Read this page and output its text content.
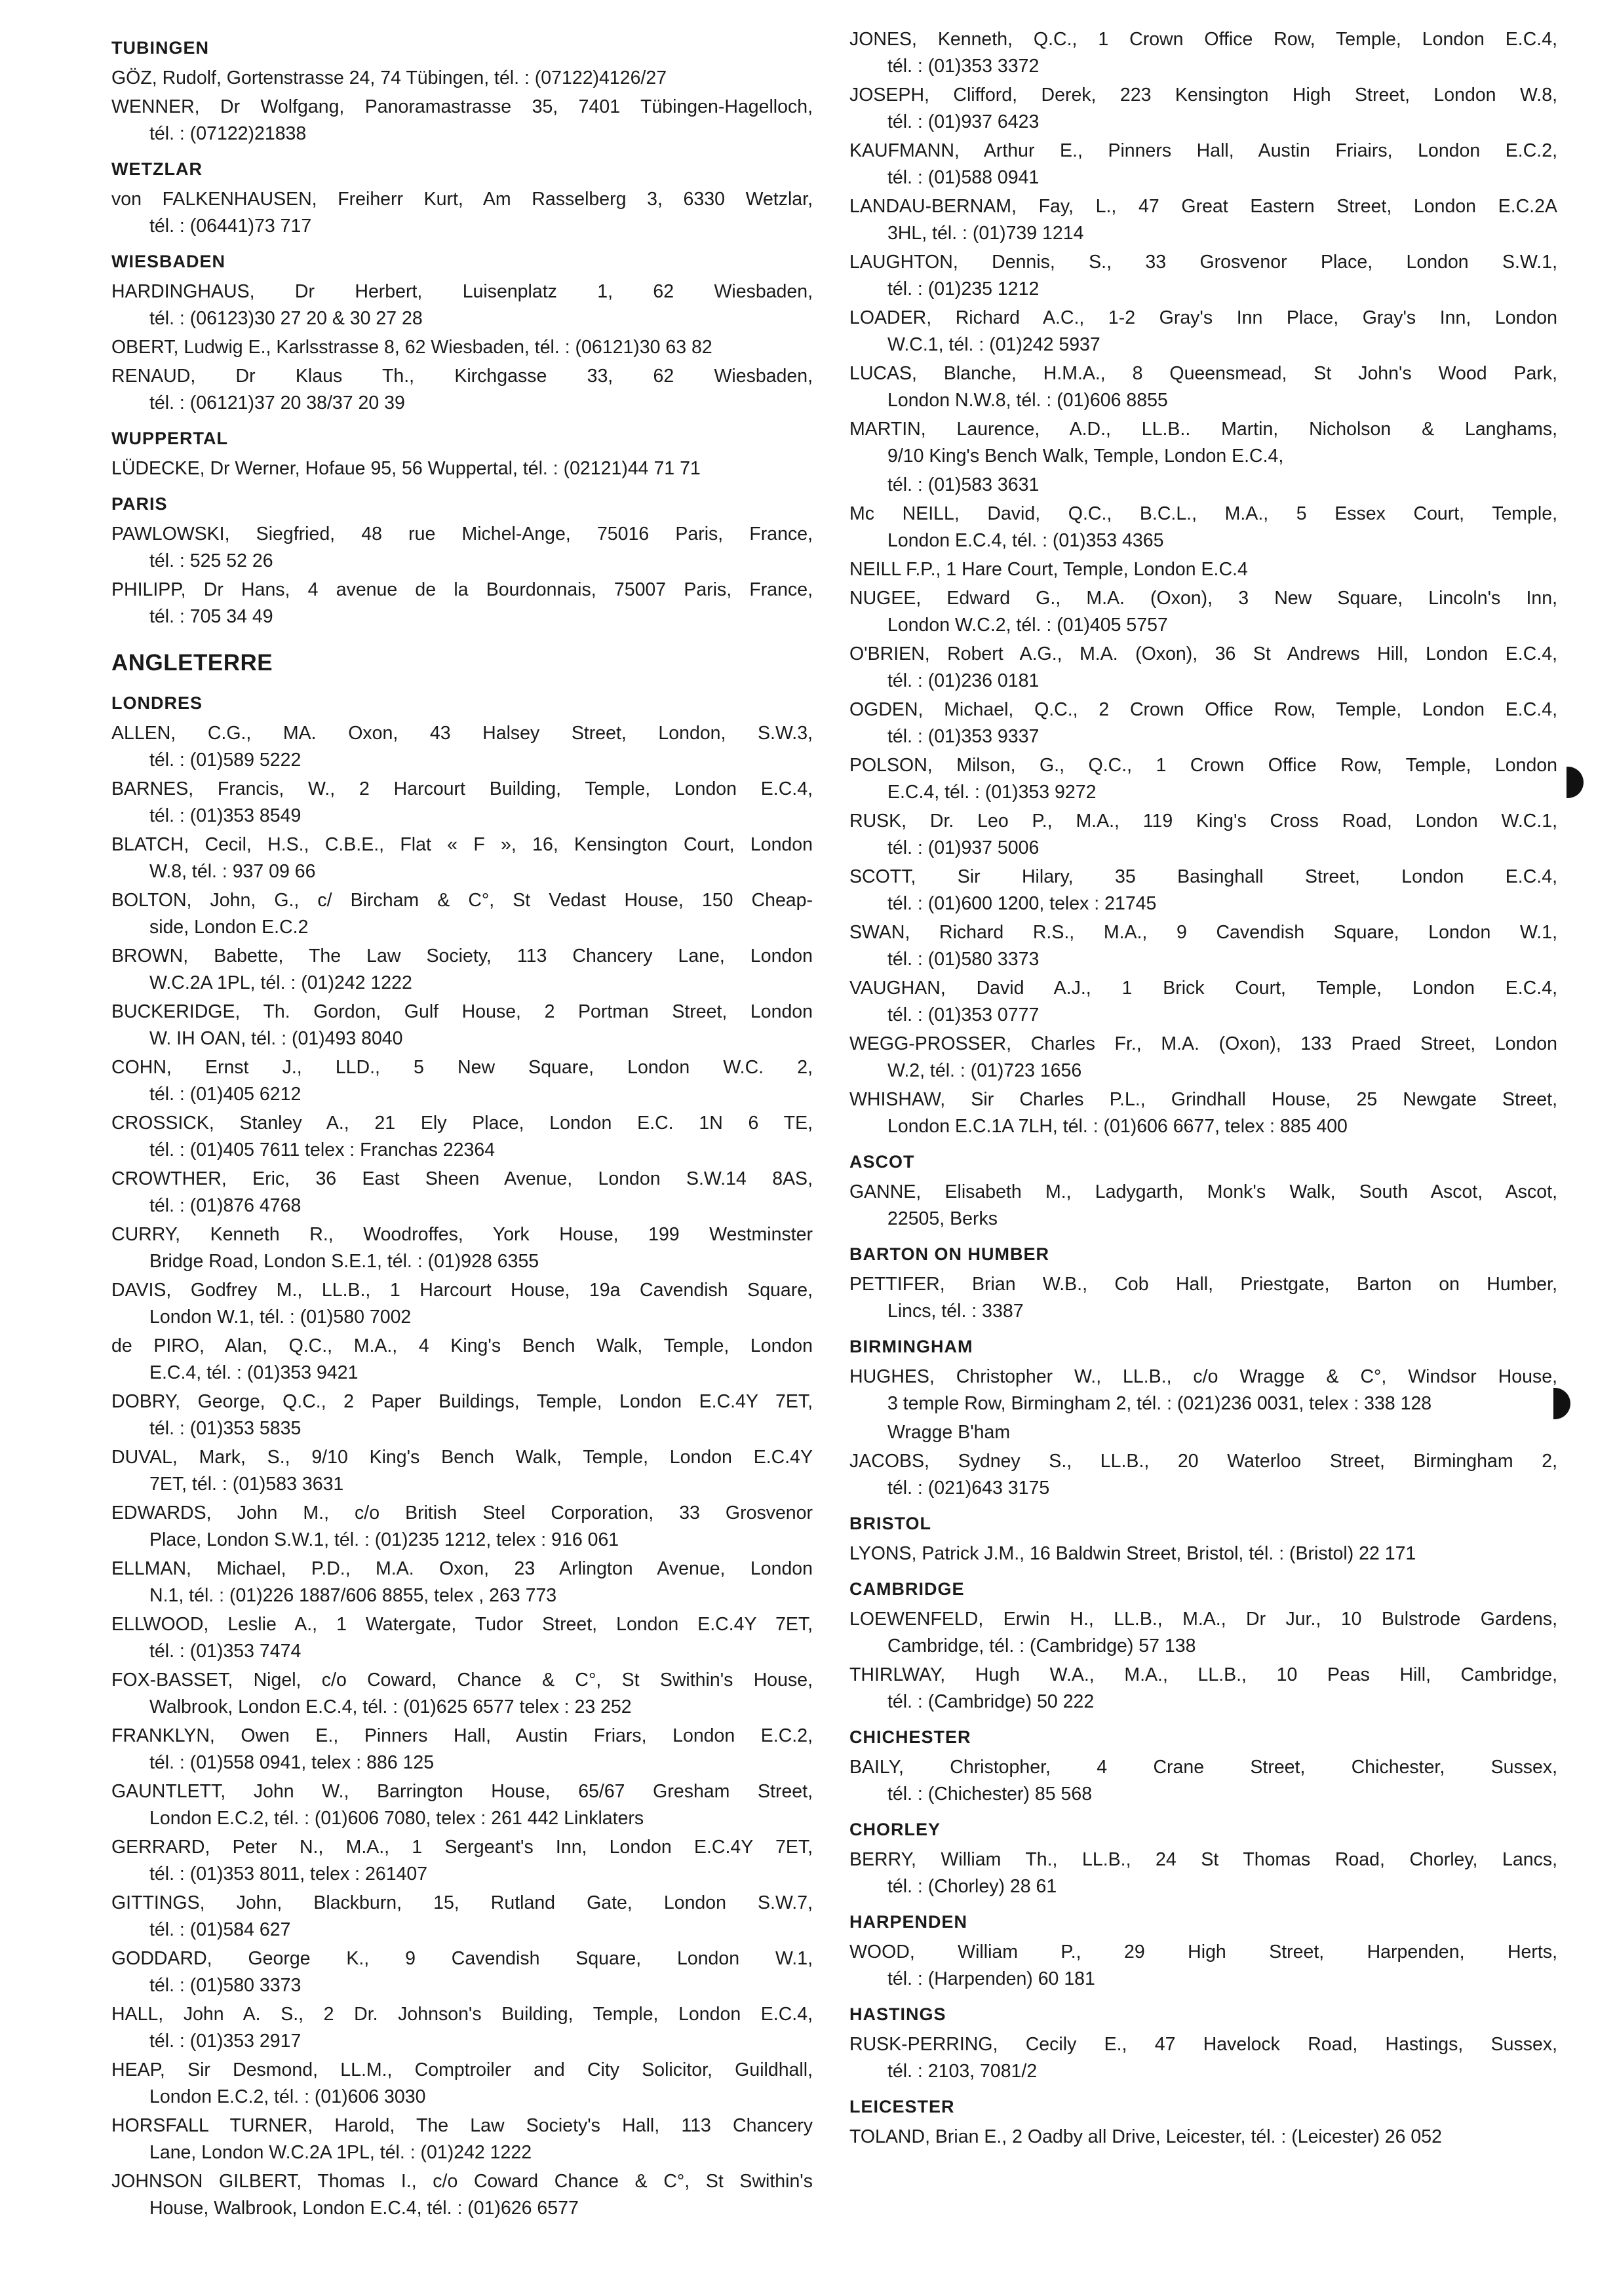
TUBINGEN
GÖZ, Rudolf, Gortenstrasse 24, 74 Tübingen, tél. : (07122)4126/27
WENNER, Dr Wolfgang, Panoramastrasse 35, 7401 Tübingen-Hagelloch,
tél. : (07122)21838
WETZLAR
von FALKENHAUSEN, Freiherr Kurt, Am Rasselberg 3, 6330 Wetzlar,
tél. : (06441)73 717
WIESBADEN
HARDINGHAUS, Dr Herbert, Luisenplatz 1, 62 Wiesbaden,
tél. : (06123)30 27 20 & 30 27 28
OBERT, Ludwig E., Karlsstrasse 8, 62 Wiesbaden, tél. : (06121)30 63 82
RENAUD, Dr Klaus Th., Kirchgasse 33, 62 Wiesbaden,
tél. : (06121)37 20 38/37 20 39
WUPPERTAL
LÜDECKE, Dr Werner, Hofaue 95, 56 Wuppertal, tél. : (02121)44 71 71
PARIS
PAWLOWSKI, Siegfried, 48 rue Michel-Ange, 75016 Paris, France,
tél. : 525 52 26
PHILIPP, Dr Hans, 4 avenue de la Bourdonnais, 75007 Paris, France,
tél. : 705 34 49
ANGLETERRE
LONDRES
ALLEN, C.G., MA. Oxon, 43 Halsey Street, London, S.W.3,
tél. : (01)589 5222
BARNES, Francis, W., 2 Harcourt Building, Temple, London E.C.4,
tél. : (01)353 8549
BLATCH, Cecil, H.S., C.B.E., Flat « F », 16, Kensington Court, London
W.8, tél. : 937 09 66
BOLTON, John, G., c/ Bircham & C°, St Vedast House, 150 Cheap-
side, London E.C.2
BROWN, Babette, The Law Society, 113 Chancery Lane, London
W.C.2A 1PL, tél. : (01)242 1222
BUCKERIDGE, Th. Gordon, Gulf House, 2 Portman Street, London
W. IH OAN, tél. : (01)493 8040
COHN, Ernst J., LLD., 5 New Square, London W.C. 2,
tél. : (01)405 6212
CROSSICK, Stanley A., 21 Ely Place, London E.C. 1N 6 TE,
tél. : (01)405 7611 telex : Franchas 22364
CROWTHER, Eric, 36 East Sheen Avenue, London S.W.14 8AS,
tél. : (01)876 4768
CURRY, Kenneth R., Woodroffes, York House, 199 Westminster
Bridge Road, London S.E.1, tél. : (01)928 6355
DAVIS, Godfrey M., LL.B., 1 Harcourt House, 19a Cavendish Square,
London W.1, tél. : (01)580 7002
de PIRO, Alan, Q.C., M.A., 4 King's Bench Walk, Temple, London
E.C.4, tél. : (01)353 9421
DOBRY, George, Q.C., 2 Paper Buildings, Temple, London E.C.4Y 7ET,
tél. : (01)353 5835
DUVAL, Mark, S., 9/10 King's Bench Walk, Temple, London E.C.4Y
7ET, tél. : (01)583 3631
EDWARDS, John M., c/o British Steel Corporation, 33 Grosvenor
Place, London S.W.1, tél. : (01)235 1212, telex : 916 061
ELLMAN, Michael, P.D., M.A. Oxon, 23 Arlington Avenue, London
N.1, tél. : (01)226 1887/606 8855, telex , 263 773
ELLWOOD, Leslie A., 1 Watergate, Tudor Street, London E.C.4Y 7ET,
tél. : (01)353 7474
FOX-BASSET, Nigel, c/o Coward, Chance & C°, St Swithin's House,
Walbrook, London E.C.4, tél. : (01)625 6577 telex : 23 252
FRANKLYN, Owen E., Pinners Hall, Austin Friars, London E.C.2,
tél. : (01)558 0941, telex : 886 125
GAUNTLETT, John W., Barrington House, 65/67 Gresham Street,
London E.C.2, tél. : (01)606 7080, telex : 261 442 Linklaters
GERRARD, Peter N., M.A., 1 Sergeant's Inn, London E.C.4Y 7ET,
tél. : (01)353 8011, telex : 261407
GITTINGS, John, Blackburn, 15, Rutland Gate, London S.W.7,
tél. : (01)584 627
GODDARD, George K., 9 Cavendish Square, London W.1,
tél. : (01)580 3373
HALL, John A. S., 2 Dr. Johnson's Building, Temple, London E.C.4,
tél. : (01)353 2917
HEAP, Sir Desmond, LL.M., Comptroiler and City Solicitor, Guildhall,
London E.C.2, tél. : (01)606 3030
HORSFALL TURNER, Harold, The Law Society's Hall, 113 Chancery
Lane, London W.C.2A 1PL, tél. : (01)242 1222
JOHNSON GILBERT, Thomas I., c/o Coward Chance & C°, St Swithin's
House, Walbrook, London E.C.4, tél. : (01)626 6577
JONES, Kenneth, Q.C., 1 Crown Office Row, Temple, London E.C.4,
tél. : (01)353 3372
JOSEPH, Clifford, Derek, 223 Kensington High Street, London W.8,
tél. : (01)937 6423
KAUFMANN, Arthur E., Pinners Hall, Austin Friairs, London E.C.2,
tél. : (01)588 0941
LANDAU-BERNAM, Fay, L., 47 Great Eastern Street, London E.C.2A
3HL, tél. : (01)739 1214
LAUGHTON, Dennis, S., 33 Grosvenor Place, London S.W.1,
tél. : (01)235 1212
LOADER, Richard A.C., 1-2 Gray's Inn Place, Gray's Inn, London
W.C.1, tél. : (01)242 5937
LUCAS, Blanche, H.M.A., 8 Queensmead, St John's Wood Park,
London N.W.8, tél. : (01)606 8855
MARTIN, Laurence, A.D., LL.B.. Martin, Nicholson & Langhams,
9/10 King's Bench Walk, Temple, London E.C.4,
tél. : (01)583 3631
Mc NEILL, David, Q.C., B.C.L., M.A., 5 Essex Court, Temple,
London E.C.4, tél. : (01)353 4365
NEILL F.P., 1 Hare Court, Temple, London E.C.4
NUGEE, Edward G., M.A. (Oxon), 3 New Square, Lincoln's Inn,
London W.C.2, tél. : (01)405 5757
O'BRIEN, Robert A.G., M.A. (Oxon), 36 St Andrews Hill, London E.C.4,
tél. : (01)236 0181
OGDEN, Michael, Q.C., 2 Crown Office Row, Temple, London E.C.4,
tél. : (01)353 9337
POLSON, Milson, G., Q.C., 1 Crown Office Row, Temple, London
E.C.4, tél. : (01)353 9272
RUSK, Dr. Leo P., M.A., 119 King's Cross Road, London W.C.1,
tél. : (01)937 5006
SCOTT, Sir Hilary, 35 Basinghall Street, London E.C.4,
tél. : (01)600 1200, telex : 21745
SWAN, Richard R.S., M.A., 9 Cavendish Square, London W.1,
tél. : (01)580 3373
VAUGHAN, David A.J., 1 Brick Court, Temple, London E.C.4,
tél. : (01)353 0777
WEGG-PROSSER, Charles Fr., M.A. (Oxon), 133 Praed Street, London
W.2, tél. : (01)723 1656
WHISHAW, Sir Charles P.L., Grindhall House, 25 Newgate Street,
London E.C.1A 7LH, tél. : (01)606 6677, telex : 885 400
ASCOT
GANNE, Elisabeth M., Ladygarth, Monk's Walk, South Ascot, Ascot,
22505, Berks
BARTON ON HUMBER
PETTIFER, Brian W.B., Cob Hall, Priestgate, Barton on Humber,
Lincs, tél. : 3387
BIRMINGHAM
HUGHES, Christopher W., LL.B., c/o Wragge & C°, Windsor House,
3 temple Row, Birmingham 2, tél. : (021)236 0031, telex : 338 128
Wragge B'ham
JACOBS, Sydney S., LL.B., 20 Waterloo Street, Birmingham 2,
tél. : (021)643 3175
BRISTOL
LYONS, Patrick J.M., 16 Baldwin Street, Bristol, tél. : (Bristol) 22 171
CAMBRIDGE
LOEWENFELD, Erwin H., LL.B., M.A., Dr Jur., 10 Bulstrode Gardens,
Cambridge, tél. : (Cambridge) 57 138
THIRLWAY, Hugh W.A., M.A., LL.B., 10 Peas Hill, Cambridge,
tél. : (Cambridge) 50 222
CHICHESTER
BAILY, Christopher, 4 Crane Street, Chichester, Sussex,
tél. : (Chichester) 85 568
CHORLEY
BERRY, William Th., LL.B., 24 St Thomas Road, Chorley, Lancs,
tél. : (Chorley) 28 61
HARPENDEN
WOOD, William P., 29 High Street, Harpenden, Herts,
tél. : (Harpenden) 60 181
HASTINGS
RUSK-PERRING, Cecily E., 47 Havelock Road, Hastings, Sussex,
tél. : 2103, 7081/2
LEICESTER
TOLAND, Brian E., 2 Oadby all Drive, Leicester, tél. : (Leicester) 26 052
